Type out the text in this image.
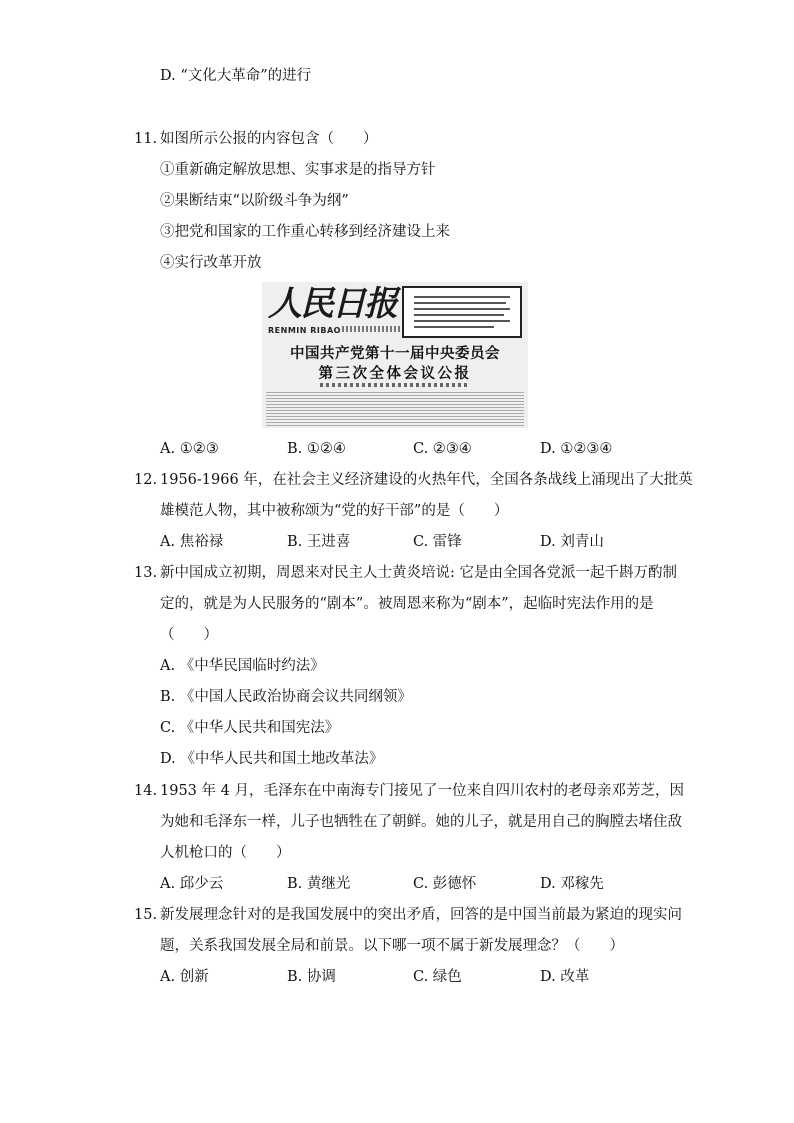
D. “文化大革命”的进行
11. 如图所示公报的内容包含（　　）
①重新确定解放思想、实事求是的指导方针
②果断结束“以阶级斗争为纲”
③把党和国家的工作重心转移到经济建设上来
④实行改革开放
人民日报
RENMIN RIBAO
中国共产党第十一届中央委员会
第三次全体会议公报
A. ①②③	B. ①②④	C. ②③④	D. ①②③④
12. 1956-1966 年，在社会主义经济建设的火热年代，全国各条战线上涌现出了大批英
雄模范人物，其中被称颂为“党的好干部”的是（　　）
A. 焦裕禄	B. 王进喜	C. 雷锋	D. 刘青山
13. 新中国成立初期，周恩来对民主人士黄炎培说: 它是由全国各党派一起千斟万酌制
定的，就是为人民服务的“剧本”。被周恩来称为“剧本”，起临时宪法作用的是
（　　）
A. 《中华民国临时约法》
B. 《中国人民政治协商会议共同纲领》
C. 《中华人民共和国宪法》
D. 《中华人民共和国土地改革法》
14. 1953 年 4 月，毛泽东在中南海专门接见了一位来自四川农村的老母亲邓芳芝，因
为她和毛泽东一样，儿子也牺牲在了朝鲜。她的儿子，就是用自己的胸膛去堵住敌
人机枪口的（　　）
A. 邱少云	B. 黄继光	C. 彭德怀	D. 邓稼先
15. 新发展理念针对的是我国发展中的突出矛盾，回答的是中国当前最为紧迫的现实问
题，关系我国发展全局和前景。以下哪一项不属于新发展理念？（　　）
A. 创新	B. 协调	C. 绿色	D. 改革
